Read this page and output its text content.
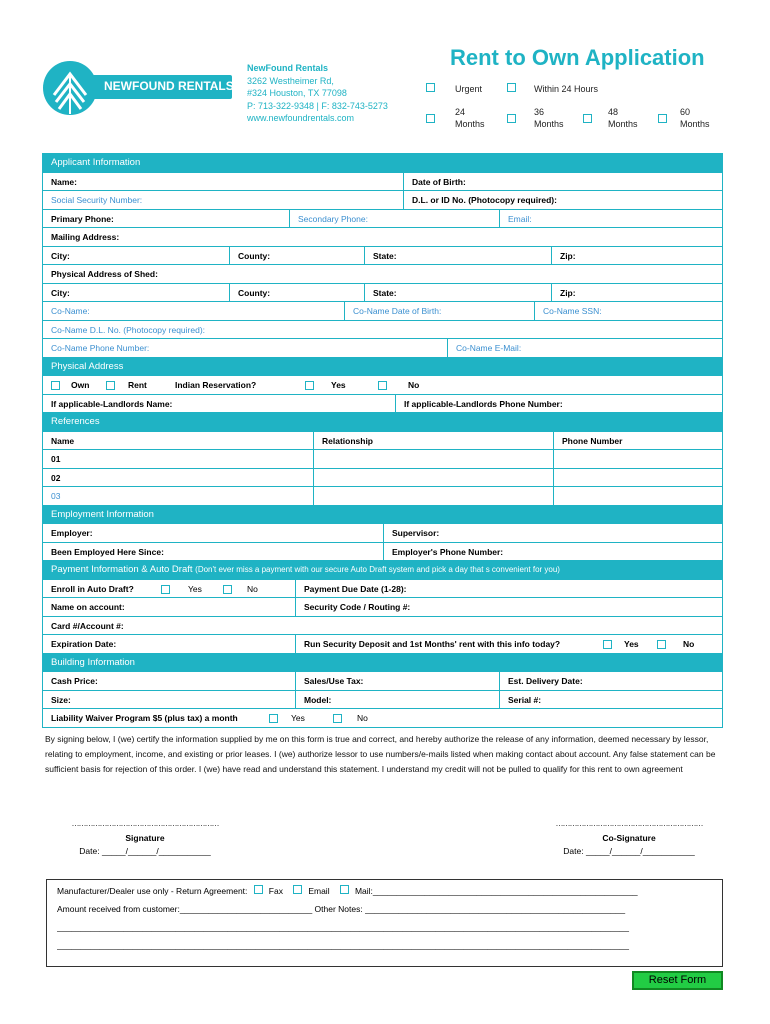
NEWFOUND RENTALS
NewFound Rentals
3262 Westheimer Rd,
#324 Houston, TX 77098
P: 713-322-9348 | F: 832-743-5273
www.newfoundrentals.com
Rent to Own Application
Urgent	Within 24 Hours
24
Months
36
Months
48
Months
60
Months
Applicant Information
Name:	Date of Birth:
Social Security Number:	D.L. or ID No. (Photocopy required):
Primary Phone:	Secondary Phone:	Email:
Mailing Address:
City:	County:	State:	Zip:
Physical Address of Shed:
City:	County:	State:	Zip:
Co-Name:	Co-Name Date of Birth:	Co-Name SSN:
Co-Name D.L. No. (Photocopy required):
Co-Name Phone Number:	Co-Name E-Mail:
Physical Address
Own	Rent	Indian Reservation?	Yes	No
If applicable-Landlords Name:	If applicable-Landlords Phone Number:
References
Name	Relationship	Phone Number
01
02
03
Employment Information
Employer:	Supervisor:
Been Employed Here Since:	Employer's Phone Number:
Payment Information & Auto Draft (Don't ever miss a payment with our secure Auto Draft system and pick a day that s convenient for you)
Enroll in Auto Draft?	Yes	No	Payment Due Date (1-28):
Name on account:	Security Code / Routing #:
Card #/Account #:
Expiration Date:	Run Security Deposit and 1st Months' rent with this info today?	Yes	No
Building Information
Cash Price:	Sales/Use Tax:	Est. Delivery Date:
Size:	Model:	Serial #:
Liability Waiver Program $5 (plus tax) a month	Yes	No
By signing below, I (we) certify the information supplied by me on this form is true and correct, and hereby authorize the release of any information, deemed necessary by lessor, relating to employment, income, and existing or prior leases. I (we) authorize lessor to use numbers/e-mails listed when making contact about account. Any false statement can be sufficient basis for rejection of this order. I (we) have read and understand this statement. I understand my credit will not be pulled to qualify for this rent to own agreement
………………………………………………………
Signature
Date: _____/______/___________
………………………………………………………
Co-Signature
Date: _____/______/___________
Manufacturer/Dealer use only - Return Agreement:	Fax	Email	Mail:________________________________________________________
Amount received from customer:____________________________ Other Notes: _______________________________________________________
_________________________________________________________________________________________________________________________
_________________________________________________________________________________________________________________________
Reset Form
